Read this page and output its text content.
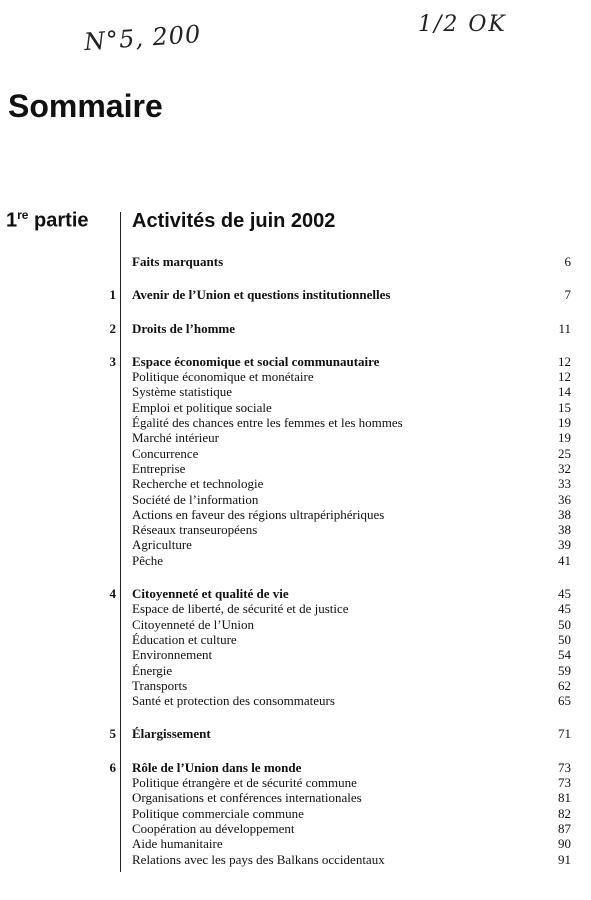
N°5, 200	1/2 OK
Sommaire
1re partie Activités de juin 2002
Faits marquants	6
1 Avenir de l’Union et questions institutionnelles	7
2 Droits de l’homme	11
3 Espace économique et social communautaire	12
Politique économique et monétaire	12
Système statistique	14
Emploi et politique sociale	15
Égalité des chances entre les femmes et les hommes	19
Marché intérieur	19
Concurrence	25
Entreprise	32
Recherche et technologie	33
Société de l’information	36
Actions en faveur des régions ultrapériphériques	38
Réseaux transeuropéens	38
Agriculture	39
Pêche	41
4 Citoyenneté et qualité de vie	45
Espace de liberté, de sécurité et de justice	45
Citoyenneté de l’Union	50
Éducation et culture	50
Environnement	54
Énergie	59
Transports	62
Santé et protection des consommateurs	65
5 Élargissement	71
6 Rôle de l’Union dans le monde	73
Politique étrangère et de sécurité commune	73
Organisations et conférences internationales	81
Politique commerciale commune	82
Coopération au développement	87
Aide humanitaire	90
Relations avec les pays des Balkans occidentaux	91
